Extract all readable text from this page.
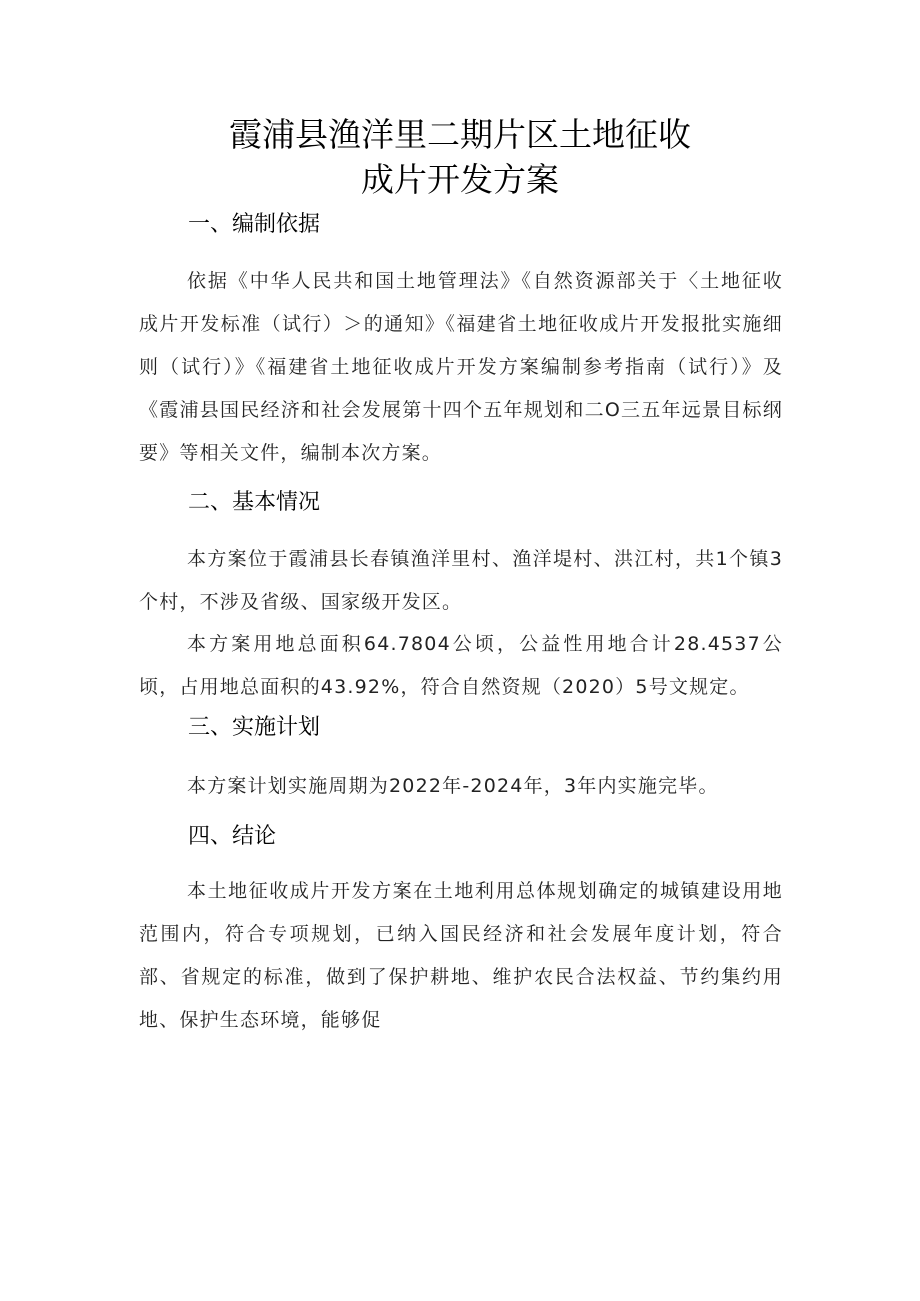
霞浦县渔洋里二期片区土地征收
成片开发方案
一、编制依据
依据《中华人民共和国土地管理法》《自然资源部关于〈土地征收成片开发标准（试行）＞的通知》《福建省土地征收成片开发报批实施细则（试行）》《福建省土地征收成片开发方案编制参考指南（试行）》及《霞浦县国民经济和社会发展第十四个五年规划和二O三五年远景目标纲要》等相关文件，编制本次方案。
二、基本情况
本方案位于霞浦县长春镇渔洋里村、渔洋堤村、洪江村，共1个镇3个村，不涉及省级、国家级开发区。
本方案用地总面积64.7804公顷，公益性用地合计28.4537公顷，占用地总面积的43.92%，符合自然资规（2020）5号文规定。
三、实施计划
本方案计划实施周期为2022年-2024年，3年内实施完毕。
四、结论
本土地征收成片开发方案在土地利用总体规划确定的城镇建设用地范围内，符合专项规划，已纳入国民经济和社会发展年度计划，符合部、省规定的标准，做到了保护耕地、维护农民合法权益、节约集约用地、保护生态环境，能够促
